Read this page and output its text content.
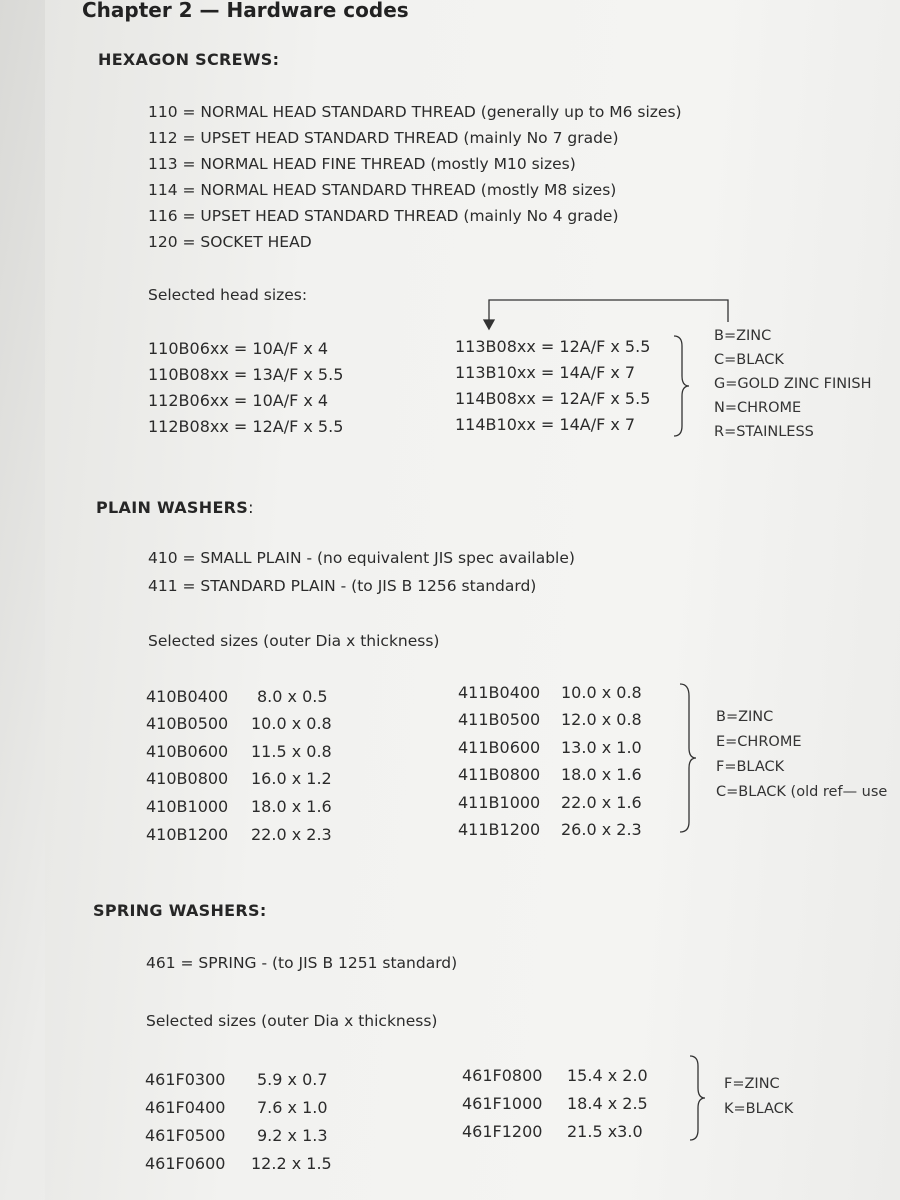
Chapter 2 — Hardware codes
HEXAGON SCREWS:
110 = NORMAL HEAD STANDARD THREAD (generally up to M6 sizes)
112 = UPSET HEAD STANDARD THREAD (mainly No 7 grade)
113 = NORMAL HEAD FINE THREAD (mostly M10 sizes)
114 = NORMAL HEAD STANDARD THREAD (mostly M8 sizes)
116 = UPSET HEAD STANDARD THREAD (mainly No 4 grade)
120 = SOCKET HEAD
Selected head sizes:
110B06xx = 10A/F x 4
110B08xx = 13A/F x 5.5
112B06xx = 10A/F x 4
112B08xx = 12A/F x 5.5
113B08xx = 12A/F x 5.5
113B10xx = 14A/F x 7
114B08xx = 12A/F x 5.5
114B10xx = 14A/F x 7
B=ZINC
C=BLACK
G=GOLD ZINC FINISH
N=CHROME
R=STAINLESS
PLAIN WASHERS:
410 = SMALL PLAIN - (no equivalent JIS spec available)
411 = STANDARD PLAIN - (to JIS B 1256 standard)
Selected sizes (outer Dia x thickness)
410B0400 8.0 x 0.5
410B0500 10.0 x 0.8
410B0600 11.5 x 0.8
410B0800 16.0 x 1.2
410B1000 18.0 x 1.6
410B1200 22.0 x 2.3
411B0400 10.0 x 0.8
411B0500 12.0 x 0.8
411B0600 13.0 x 1.0
411B0800 18.0 x 1.6
411B1000 22.0 x 1.6
411B1200 26.0 x 2.3
B=ZINC
E=CHROME
F=BLACK
C=BLACK (old ref— use
SPRING WASHERS:
461 = SPRING - (to JIS B 1251 standard)
Selected sizes (outer Dia x thickness)
461F0300 5.9 x 0.7
461F0400 7.6 x 1.0
461F0500 9.2 x 1.3
461F0600 12.2 x 1.5
461F0800 15.4 x 2.0
461F1000 18.4 x 2.5
461F1200 21.5 x3.0
F=ZINC
K=BLACK
